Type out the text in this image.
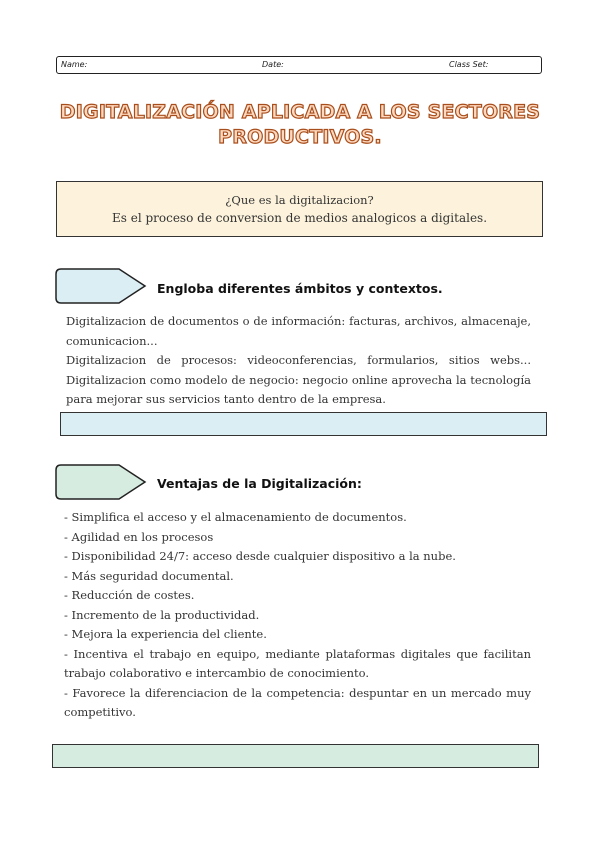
Name:	Date:	Class Set:
DIGITALIZACIÓN APLICADA A LOS SECTORES
PRODUCTIVOS.
¿Que es la digitalizacion?
Es el proceso de conversion de medios analogicos a digitales.
Engloba diferentes ámbitos y contextos.

Digitalizacion de documentos o de información: facturas, archivos, almacenaje, comunicacion...

Digitalizacion de procesos: videoconferencias, formularios, sitios webs...

Digitalizacion como modelo de negocio: negocio online aprovecha la tecnología para mejorar sus servicios tanto dentro de la empresa.

Ventajas de la Digitalización:

- Simplifica el acceso y el almacenamiento de documentos.

- Agilidad en los procesos

- Disponibilidad 24/7: acceso desde cualquier dispositivo a la nube.

- Más seguridad documental.

- Reducción de costes.

- Incremento de la productividad.

- Mejora la experiencia del cliente.

- Incentiva el trabajo en equipo, mediante plataformas digitales que facilitan trabajo colaborativo e intercambio de conocimiento.

- Favorece la diferenciacion de la competencia: despuntar en un mercado muy competitivo.
